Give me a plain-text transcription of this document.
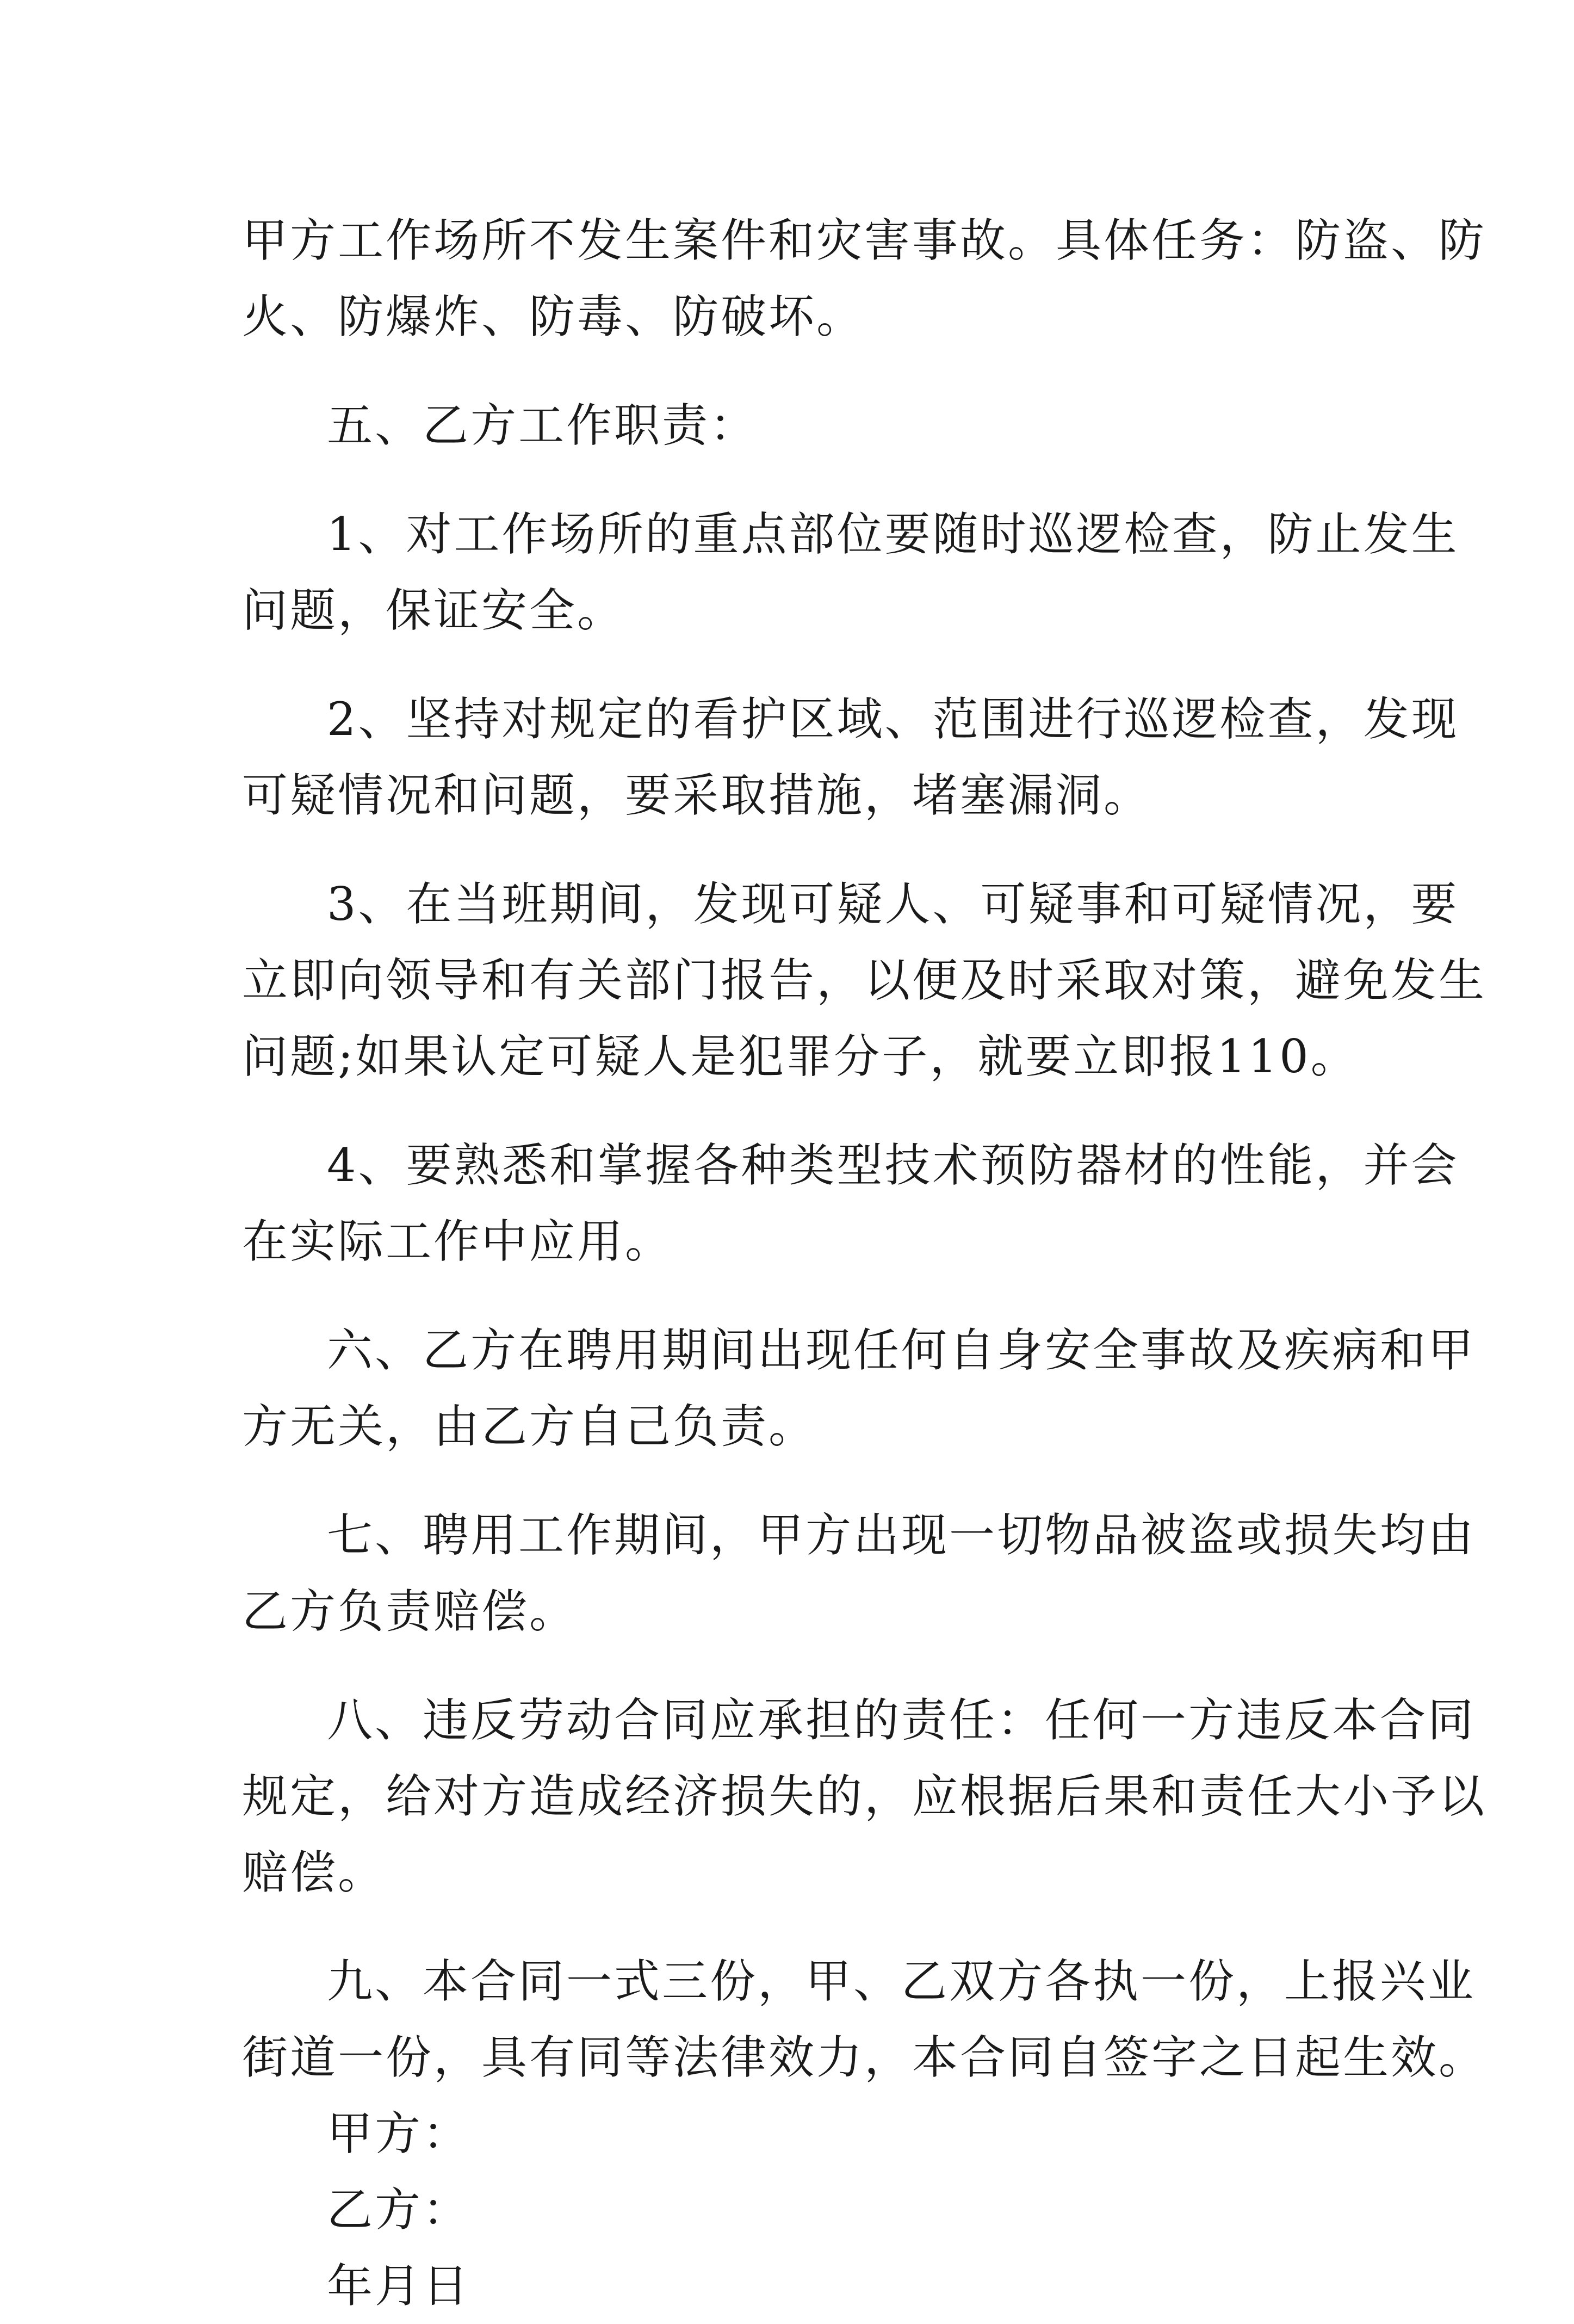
甲方工作场所不发生案件和灾害事故。具体任务：防盗、防
火、防爆炸、防毒、防破坏。
五、乙方工作职责：
1、对工作场所的重点部位要随时巡逻检查，防止发生
问题，保证安全。
2、坚持对规定的看护区域、范围进行巡逻检查，发现
可疑情况和问题，要采取措施，堵塞漏洞。
3、在当班期间，发现可疑人、可疑事和可疑情况，要
立即向领导和有关部门报告，以便及时采取对策，避免发生
问题;如果认定可疑人是犯罪分子，就要立即报110。
4、要熟悉和掌握各种类型技术预防器材的性能，并会
在实际工作中应用。
六、乙方在聘用期间出现任何自身安全事故及疾病和甲
方无关，由乙方自己负责。
七、聘用工作期间，甲方出现一切物品被盗或损失均由
乙方负责赔偿。
八、违反劳动合同应承担的责任：任何一方违反本合同
规定，给对方造成经济损失的，应根据后果和责任大小予以
赔偿。
九、本合同一式三份，甲、乙双方各执一份，上报兴业
街道一份，具有同等法律效力，本合同自签字之日起生效。
甲方：
乙方：
年月日
